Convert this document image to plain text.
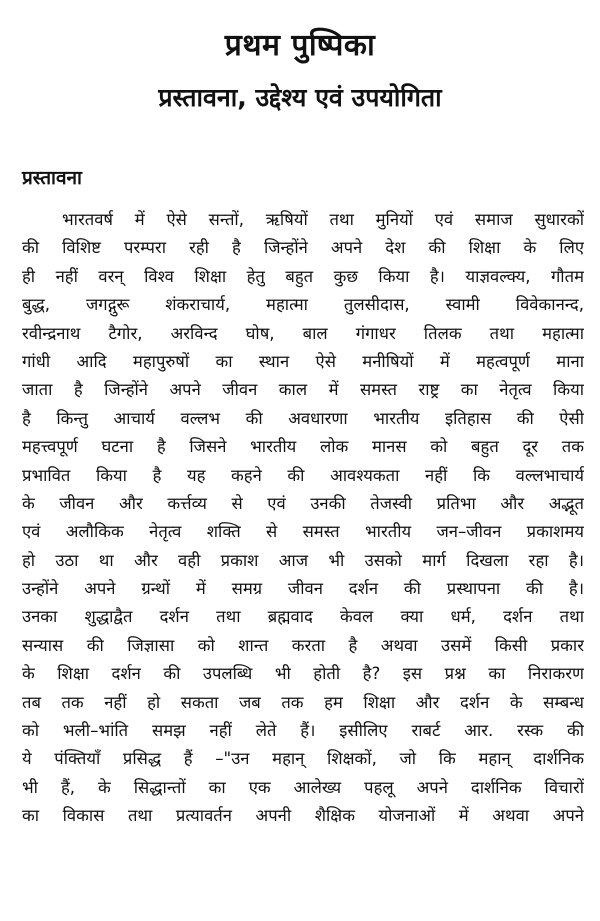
प्रथम पुष्पिका
प्रस्तावना, उद्देश्य एवं उपयोगिता
प्रस्तावना
भारतवर्ष में ऐसे सन्तों, ऋषियों तथा मुनियों एवं समाज सुधारकों
की विशिष्ट परम्परा रही है जिन्होंने अपने देश की शिक्षा के लिए
ही नहीं वरन् विश्व शिक्षा हेतु बहुत कुछ किया है। याज्ञवल्क्य, गौतम
बुद्ध, जगद्गुरू शंकराचार्य, महात्मा तुलसीदास, स्वामी विवेकानन्द,
रवीन्द्रनाथ टैगोर, अरविन्द घोष, बाल गंगाधर तिलक तथा महात्मा
गांधी आदि महापुरुषों का स्थान ऐसे मनीषियों में महत्वपूर्ण माना
जाता है जिन्होंने अपने जीवन काल में समस्त राष्ट्र का नेतृत्व किया
है किन्तु आचार्य वल्लभ की अवधारणा भारतीय इतिहास की ऐसी
महत्त्वपूर्ण घटना है जिसने भारतीय लोक मानस को बहुत दूर तक
प्रभावित किया है यह कहने की आवश्यकता नहीं कि वल्लभाचार्य
के जीवन और कर्त्तव्य से एवं उनकी तेजस्वी प्रतिभा और अद्भूत
एवं अलौकिक नेतृत्व शक्ति से समस्त भारतीय जन–जीवन प्रकाशमय
हो उठा था और वही प्रकाश आज भी उसको मार्ग दिखला रहा है।
उन्होंने अपने ग्रन्थों में समग्र जीवन दर्शन की प्रस्थापना की है।
उनका शुद्धाद्वैत दर्शन तथा ब्रह्मवाद केवल क्या धर्म, दर्शन तथा
सन्यास की जिज्ञासा को शान्त करता है अथवा उसमें किसी प्रकार
के शिक्षा दर्शन की उपलब्धि भी होती है? इस प्रश्न का निराकरण
तब तक नहीं हो सकता जब तक हम शिक्षा और दर्शन के सम्बन्ध
को भली–भांति समझ नहीं लेते हैं। इसीलिए राबर्ट आर. रस्क की
ये पंक्तियाँ प्रसिद्ध हैं –"उन महान् शिक्षकों, जो कि महान् दार्शनिक
भी हैं, के सिद्धान्तों का एक आलेख्य पहलू अपने दार्शनिक विचारों
का विकास तथा प्रत्यावर्तन अपनी शैक्षिक योजनाओं में अथवा अपने
